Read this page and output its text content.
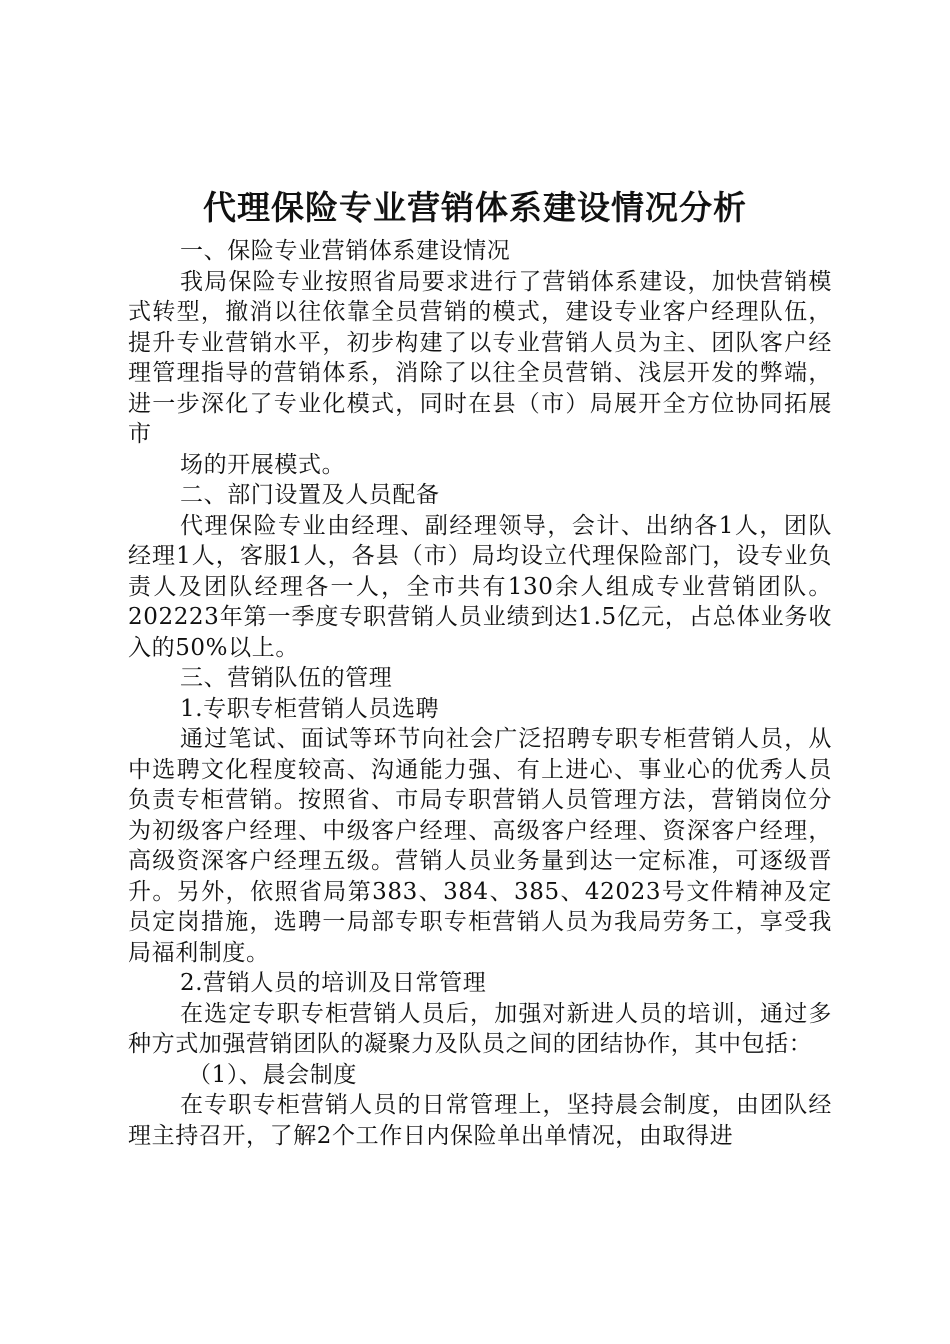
代理保险专业营销体系建设情况分析

一、保险专业营销体系建设情况

我局保险专业按照省局要求进行了营销体系建设，加快营销模式转型，撤消以往依靠全员营销的模式，建设专业客户经理队伍，提升专业营销水平，初步构建了以专业营销人员为主、团队客户经理管理指导的营销体系，消除了以往全员营销、浅层开发的弊端，进一步深化了专业化模式，同时在县（市）局展开全方位协同拓展市

场的开展模式。

二、部门设置及人员配备

代理保险专业由经理、副经理领导，会计、出纳各1人，团队经理1人，客服1人，各县（市）局均设立代理保险部门，设专业负责人及团队经理各一人，全市共有130余人组成专业营销团队。202223年第一季度专职营销人员业绩到达1.5亿元，占总体业务收入的50%以上。

三、营销队伍的管理

1.专职专柜营销人员选聘

通过笔试、面试等环节向社会广泛招聘专职专柜营销人员，从中选聘文化程度较高、沟通能力强、有上进心、事业心的优秀人员负责专柜营销。按照省、市局专职营销人员管理方法，营销岗位分为初级客户经理、中级客户经理、高级客户经理、资深客户经理，高级资深客户经理五级。营销人员业务量到达一定标准，可逐级晋升。另外，依照省局第383、384、385、42023号文件精神及定员定岗措施，选聘一局部专职专柜营销人员为我局劳务工，享受我局福利制度。

2.营销人员的培训及日常管理

在选定专职专柜营销人员后，加强对新进人员的培训，通过多种方式加强营销团队的凝聚力及队员之间的团结协作，其中包括：

（1）、晨会制度

在专职专柜营销人员的日常管理上，坚持晨会制度，由团队经理主持召开，了解2个工作日内保险单出单情况，由取得进
